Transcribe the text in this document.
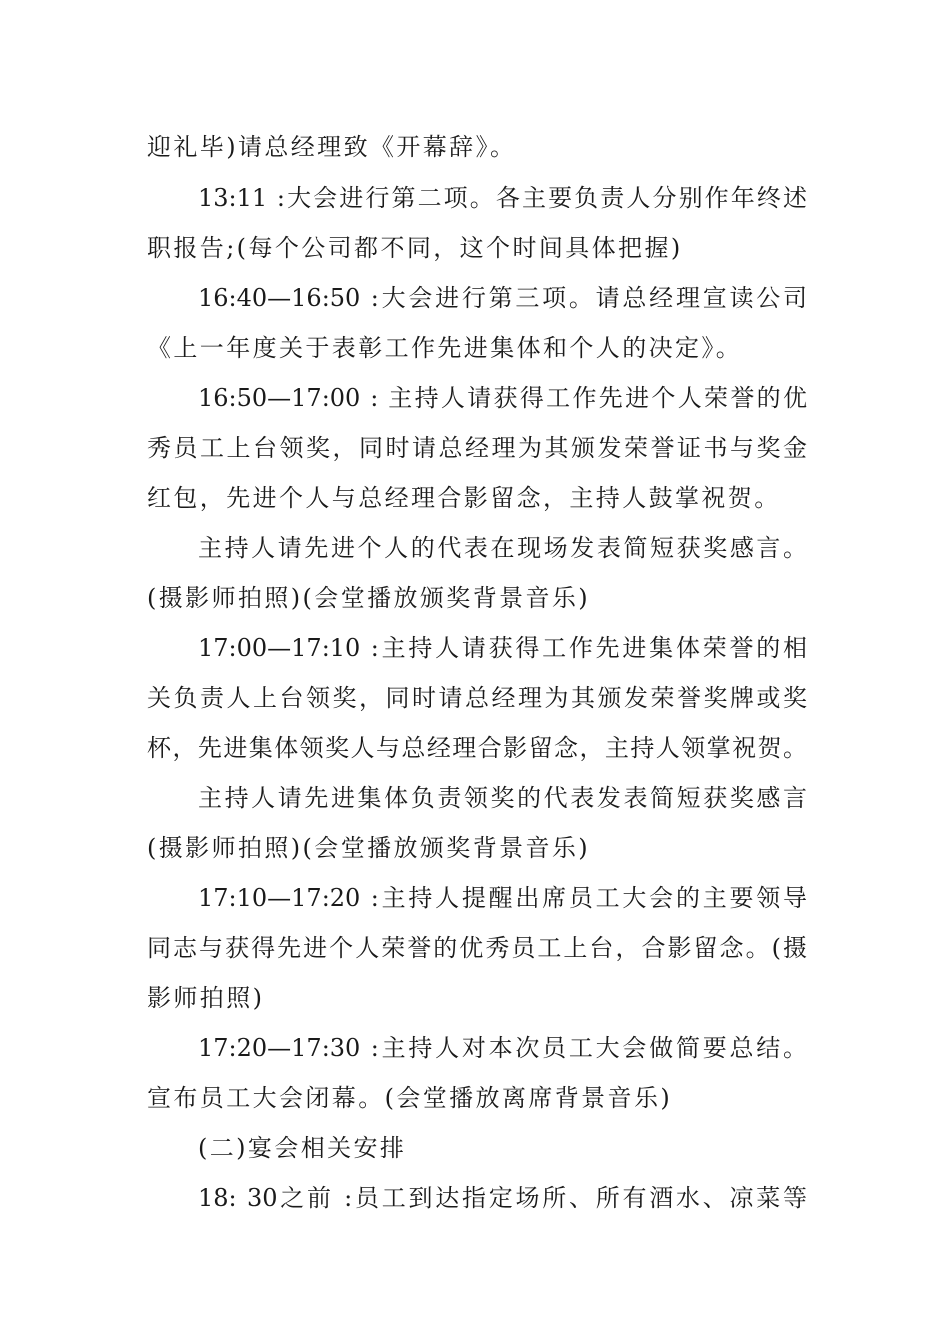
迎礼毕)请总经理致《开幕辞》。
13:11 :大会进行第二项。各主要负责人分别作年终述
职报告;(每个公司都不同，这个时间具体把握)
16:40—16:50 :大会进行第三项。请总经理宣读公司
《上一年度关于表彰工作先进集体和个人的决定》。
16:50—17:00 : 主持人请获得工作先进个人荣誉的优
秀员工上台领奖，同时请总经理为其颁发荣誉证书与奖金
红包，先进个人与总经理合影留念，主持人鼓掌祝贺。
主持人请先进个人的代表在现场发表简短获奖感言。
(摄影师拍照)(会堂播放颁奖背景音乐)
17:00—17:10 :主持人请获得工作先进集体荣誉的相
关负责人上台领奖，同时请总经理为其颁发荣誉奖牌或奖
杯，先进集体领奖人与总经理合影留念，主持人领掌祝贺。
主持人请先进集体负责领奖的代表发表简短获奖感言
(摄影师拍照)(会堂播放颁奖背景音乐)
17:10—17:20 :主持人提醒出席员工大会的主要领导
同志与获得先进个人荣誉的优秀员工上台，合影留念。(摄
影师拍照)
17:20—17:30 :主持人对本次员工大会做简要总结。
宣布员工大会闭幕。(会堂播放离席背景音乐)
(二)宴会相关安排
18: 30之前 :员工到达指定场所、所有酒水、凉菜等
